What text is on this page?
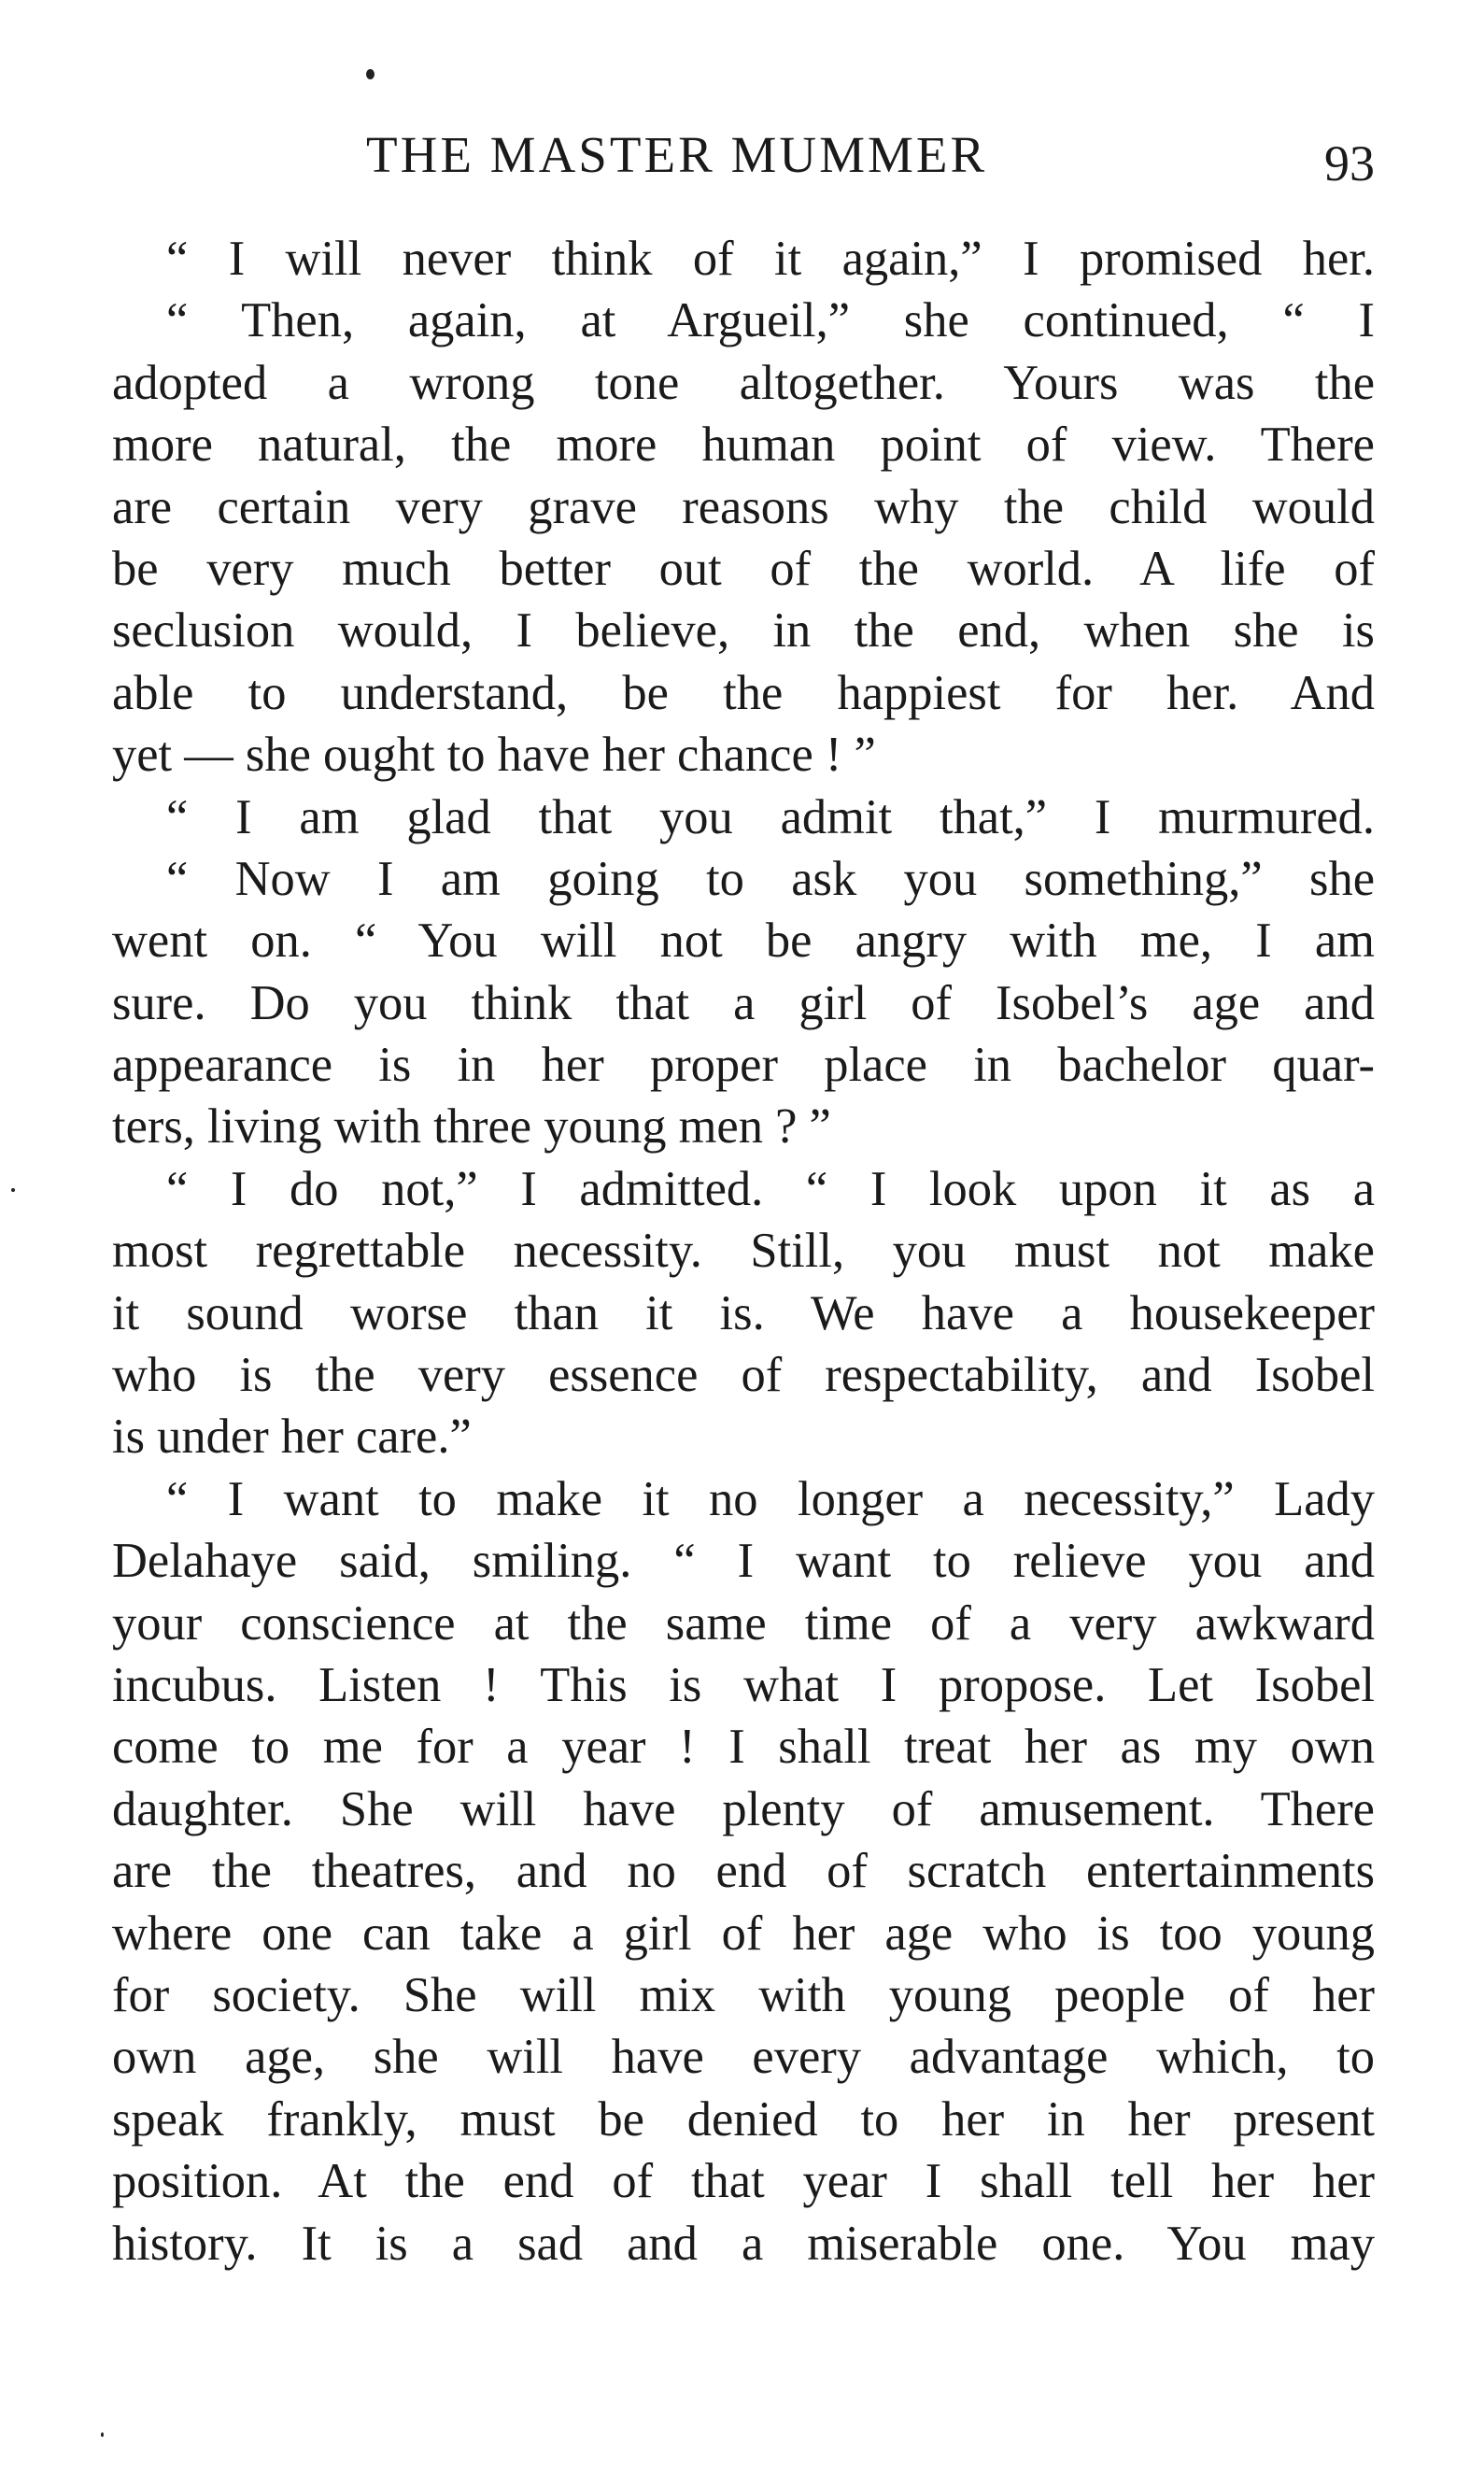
THE MASTER MUMMER	93
“ I will never think of it again,” I promised her.
“ Then, again, at Argueil,” she continued, “ I
adopted a wrong tone altogether. Yours was the
more natural, the more human point of view. There
are certain very grave reasons why the child would
be very much better out of the world. A life of
seclusion would, I believe, in the end, when she is
able to understand, be the happiest for her. And
yet — she ought to have her chance ! ”
“ I am glad that you admit that,” I murmured.
“ Now I am going to ask you something,” she
went on. “ You will not be angry with me, I am
sure. Do you think that a girl of Isobel’s age and
appearance is in her proper place in bachelor quar-
ters, living with three young men ? ”
“ I do not,” I admitted. “ I look upon it as a
most regrettable necessity. Still, you must not make
it sound worse than it is. We have a housekeeper
who is the very essence of respectability, and Isobel
is under her care.”
“ I want to make it no longer a necessity,” Lady
Delahaye said, smiling. “ I want to relieve you and
your conscience at the same time of a very awkward
incubus. Listen ! This is what I propose. Let Isobel
come to me for a year ! I shall treat her as my own
daughter. She will have plenty of amusement. There
are the theatres, and no end of scratch entertainments
where one can take a girl of her age who is too young
for society. She will mix with young people of her
own age, she will have every advantage which, to
speak frankly, must be denied to her in her present
position. At the end of that year I shall tell her her
history. It is a sad and a miserable one. You may
